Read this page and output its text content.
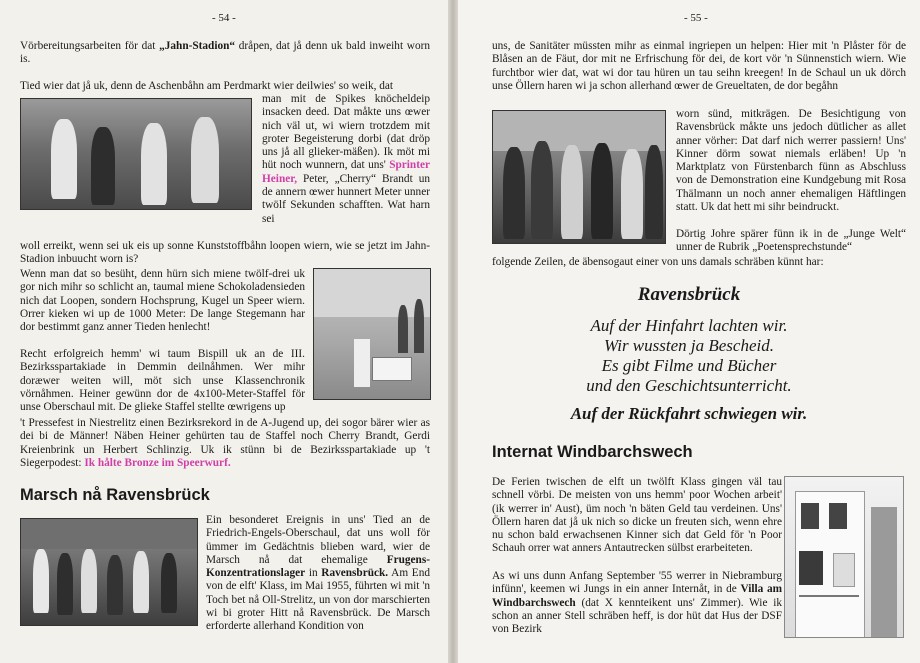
- 54 -
Vörbereitungsarbeiten för dat „Jahn-Stadion“ dråpen, dat jå denn uk bald inweiht worn is.
Tied wier dat jå uk, denn de Aschenbåhn am Perdmarkt wier deilwies' so weik, dat
man mit de Spikes knöcheldeip insacken deed. Dat måkte uns œwer nich väl ut, wi wiern trotzdem mit groter Begeisterung dorbi (dat dröp uns jå all glieker-mäßen). Ik möt mi hüt noch wunnern, dat uns' Sprinter Heiner, Peter, „Cherry“ Brandt un de annern œwer hunnert Meter unner twölf Sekunden schafften. Wat harn sei
woll erreikt, wenn sei uk eis up sonne Kunststoffbåhn loopen wiern, wie se jetzt im Jahn-Stadion inbuucht worn is?
Wenn man dat so besüht, denn hürn sich miene twölf-drei uk gor nich mihr so schlicht an, taumal miene Schokoladensieden nich dat Loopen, sondern Hochsprung, Kugel un Speer wiern. Orrer kieken wi up de 1000 Meter: De lange Stegemann har dor bestimmt ganz anner Tieden henlecht!
Recht erfolgreich hemm' wi taum Bispill uk an de III. Bezirksspartakiade in Demmin deilnåhmen. Wer mihr doræwer weiten will, möt sich unse Klassenchronik vörnåhmen. Heiner gewünn dor de 4x100-Meter-Staffel för unse Oberschaul mit. De glieke Staffel stellte œwrigens up
't Pressefest in Niestrelitz einen Bezirksrekord in de A-Jugend up, dei sogor bärer wier as dei bi de Männer! Näben Heiner gehürten tau de Staffel noch Cherry Brandt, Gerdi Kreienbrink un Herbert Schlinzig. Uk ik stünn bi de Bezirksspartakiade up 't Siegerpodest: Ik hålte Bronze im Speerwurf.
Marsch nå Ravensbrück
Ein besonderet Ereignis in uns' Tied an de Friedrich-Engels-Oberschaul, dat uns woll för ümmer im Gedächtnis blieben ward, wier de Marsch nå dat ehemalige Frugens-Konzentrationslager in Ravensbrück. Am End von de elft' Klass, im Mai 1955, führten wi mit 'n Toch bet nå Oll-Strelitz, un von dor marschierten wi bi groter Hitt nå Ravensbrück. De Marsch erforderte allerhand Kondition von
- 55 -
uns, de Sanitäter müssten mihr as einmal ingriepen un helpen: Hier mit 'n Plåster för de Blåsen an de Fäut, dor mit ne Erfrischung för dei, de kort vör 'n Sünnenstich wiern. Wie furchtbor wier dat, wat wi dor tau hüren un tau seihn kreegen! In de Schaul un uk dörch unse Öllern haren wi ja schon allerhand œwer de Greueltaten, de dor begåhn
worn sünd, mitkrägen. De Besichtigung von Ravensbrück måkte uns jedoch dütlicher as allet anner vörher: Dat darf nich werrer passiern! Uns' Kinner dörm sowat niemals erläben! Up 'n Marktplatz von Fürstenbarch fünn as Abschluss von de Demonstration eine Kundgebung mit Rosa Thälmann un noch anner ehemaligen Häftlingen statt. Uk dat hett mi sihr beindruckt.
Dörtig Johre spärer fünn ik in de „Junge Welt“ unner de Rubrik „Poetensprechstunde“
folgende Zeilen, de äbensogaut einer von uns damals schräben künnt har:
Ravensbrück
Auf der Hinfahrt lachten wir.
Wir wussten ja Bescheid.
Es gibt Filme und Bücher
und den Geschichtsunterricht.
Auf der Rückfahrt schwiegen wir.
Internat Windbarchswech
De Ferien twischen de elft un twölft Klass gingen väl tau schnell vörbi. De meisten von uns hemm' poor Wochen arbeit' (ik werrer in' Aust), üm noch 'n bäten Geld tau verdeinen. Uns' Öllern haren dat jå uk nich so dicke un freuten sich, wenn ehre nu schon bald erwachsenen Kinner sich dat Geld för 'n Poor Schauh orrer wat anners Antautrecken sülbst erarbeiteten.
As wi uns dunn Anfang September '55 werrer in Niebramburg infünn', keemen wi Jungs in ein anner Internåt, in de Villa am Windbarchswech (dat X kennteikent uns' Zimmer). Wie ik schon an anner Stell schräben heff, is dor hüt dat Hus der DSF von Bezirk
